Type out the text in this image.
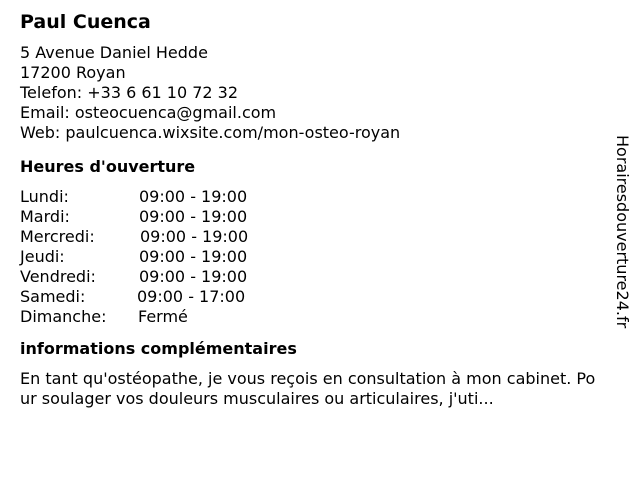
Paul Cuenca
5 Avenue Daniel Hedde
17200 Royan
Telefon: +33 6 61 10 72 32
Email: osteocuenca@gmail.com
Web: paulcuenca.wixsite.com/mon-osteo-royan
Heures d'ouverture
Lundi:	09:00 - 19:00
Mardi:	09:00 - 19:00
Mercredi:	09:00 - 19:00
Jeudi:	09:00 - 19:00
Vendredi:	09:00 - 19:00
Samedi:	09:00 - 17:00
Dimanche: Fermé
informations complémentaires
En tant qu'ostéopathe, je vous reçois en consultation à mon cabinet. Pour soulager vos douleurs musculaires ou articulaires, j'uti...
Horairesdouverture24.fr
